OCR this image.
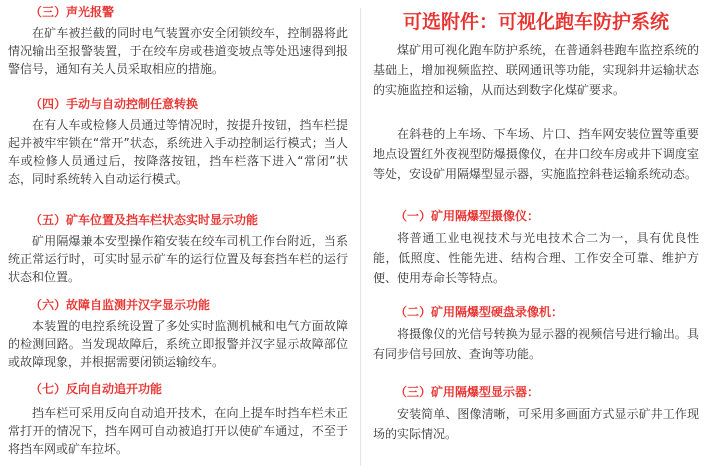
（三）声光报警
在矿车被拦截的同时电气装置亦安全闭锁绞车，控制器将此情况输出至报警装置，于在绞车房或巷道变坡点等处迅速得到报警信号，通知有关人员采取相应的措施。
（四）手动与自动控制任意转换
在有人车或检修人员通过等情况时，按提升按钮，挡车栏提起并被牢牢锁在“常开”状态，系统进入手动控制运行模式；当人车或检修人员通过后，按降落按钮，挡车栏落下进入“常闭”状态，同时系统转入自动运行模式。
（五）矿车位置及挡车栏状态实时显示功能
矿用隔爆兼本安型操作箱安装在绞车司机工作台附近，当系统正常运行时，可实时显示矿车的运行位置及每套挡车栏的运行状态和位置。
（六）故障自监测并汉字显示功能
本装置的电控系统设置了多处实时监测机械和电气方面故障的检测回路。当发现故障后，系统立即报警并汉字显示故障部位或故障现象，并根据需要闭锁运输绞车。
（七）反向自动追开功能
挡车栏可采用反向自动追开技术，在向上提车时挡车栏未正常打开的情况下，挡车网可自动被追打开以使矿车通过，不至于将挡车网或矿车拉坏。
可选附件：可视化跑车防护系统
煤矿用可视化跑车防护系统，在普通斜巷跑车监控系统的基础上，增加视频监控、联网通讯等功能，实现斜井运输状态的实施监控和运输，从而达到数字化煤矿要求。
在斜巷的上车场、下车场、片口、挡车网安装位置等重要地点设置红外夜视型防爆摄像仪，在井口绞车房或井下调度室等处，安设矿用隔爆型显示器，实施监控斜巷运输系统动态。
（一）矿用隔爆型摄像仪：
将普通工业电视技术与光电技术合二为一，具有优良性能，低照度、性能先进、结构合理、工作安全可靠、维护方便、使用寿命长等特点。
（二）矿用隔爆型硬盘录像机：
将摄像仪的光信号转换为显示器的视频信号进行输出。具有同步信号回放、查询等功能。
（三）矿用隔爆型显示器：
安装简单、图像清晰，可采用多画面方式显示矿井工作现场的实际情况。
